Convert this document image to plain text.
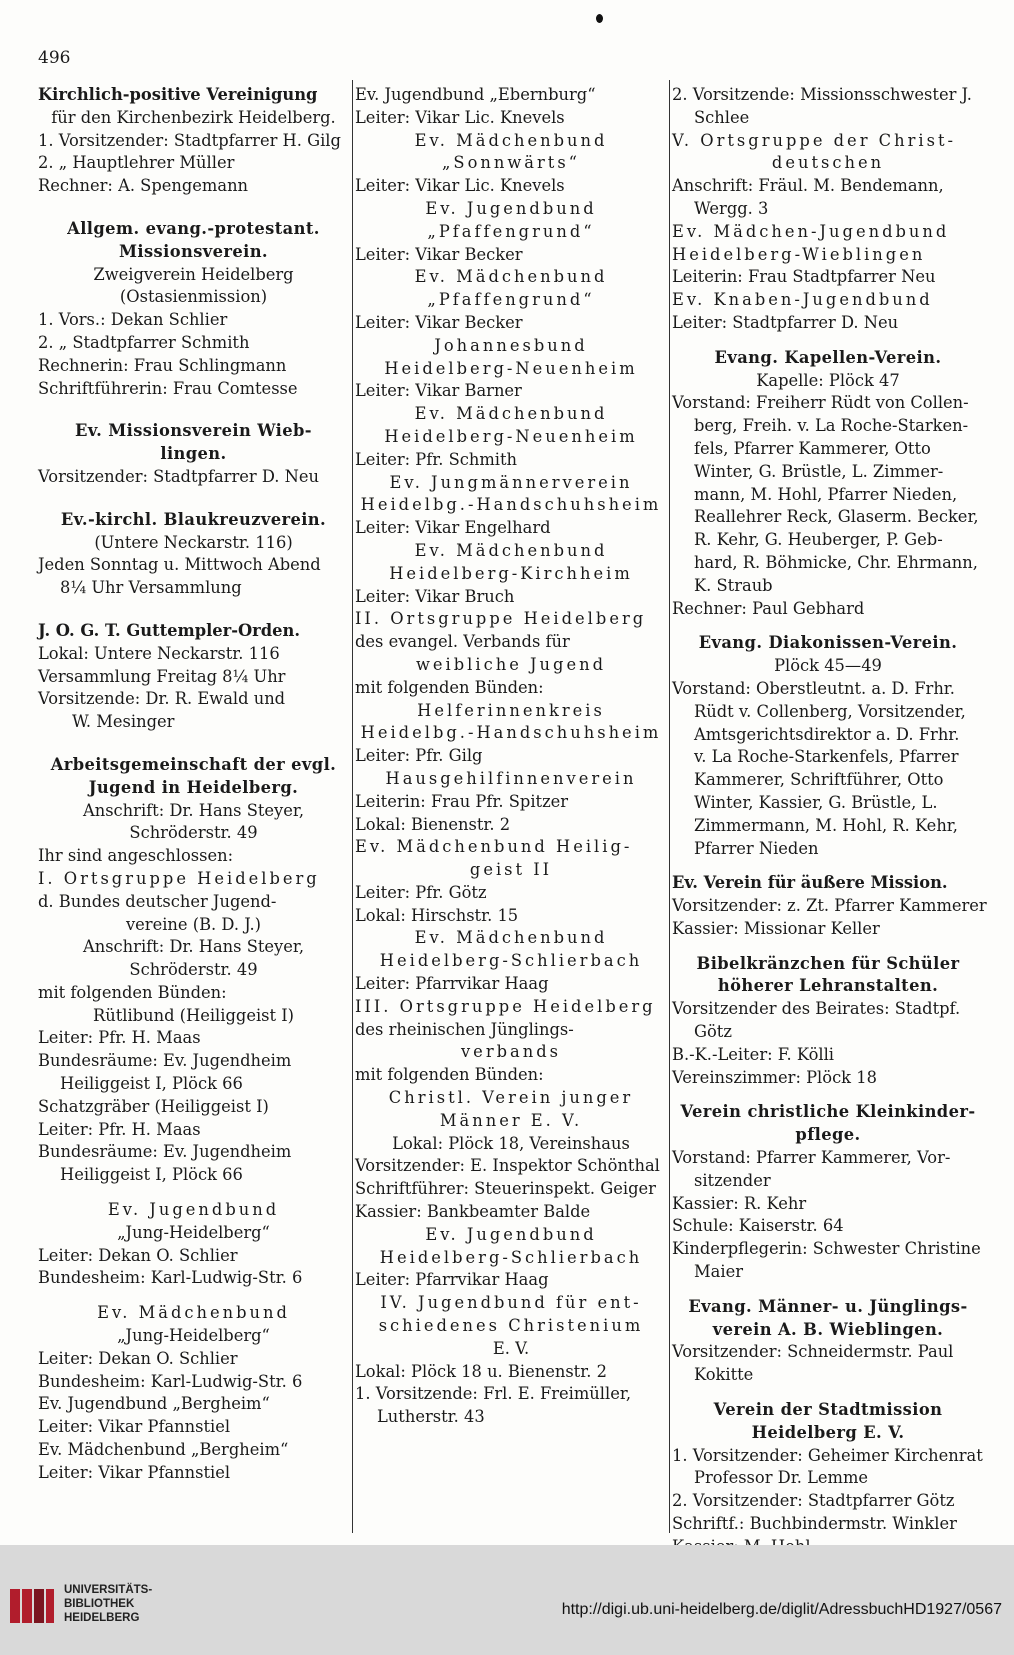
496
Kirchlich-positive Vereinigung
für den Kirchenbezirk Heidelberg.
1. Vorsitzender: Stadtpfarrer H. Gilg
2. „ Hauptlehrer Müller
Rechner: A. Spengemann
Allgem. evang.-protestant.
Missionsverein.
Zweigverein Heidelberg
(Ostasienmission)
1. Vors.: Dekan Schlier
2. „ Stadtpfarrer Schmith
Rechnerin: Frau Schlingmann
Schriftführerin: Frau Comtesse
Ev. Missionsverein Wieb-
lingen.
Vorsitzender: Stadtpfarrer D. Neu
Ev.-kirchl. Blaukreuzverein.
(Untere Neckarstr. 116)
Jeden Sonntag u. Mittwoch Abend
8¼ Uhr Versammlung
J. O. G. T. Guttempler-Orden.
Lokal: Untere Neckarstr. 116
Versammlung Freitag 8¼ Uhr
Vorsitzende: Dr. R. Ewald und
W. Mesinger
Arbeitsgemeinschaft der evgl.
Jugend in Heidelberg.
Anschrift: Dr. Hans Steyer,
Schröderstr. 49
Ihr sind angeschlossen:
I. Ortsgruppe Heidelberg
d. Bundes deutscher Jugend-
vereine (B. D. J.)
Anschrift: Dr. Hans Steyer,
Schröderstr. 49
mit folgenden Bünden:
Rütlibund (Heiliggeist I)
Leiter: Pfr. H. Maas
Bundesräume: Ev. Jugendheim
Heiliggeist I, Plöck 66
Schatzgräber (Heiliggeist I)
Leiter: Pfr. H. Maas
Bundesräume: Ev. Jugendheim
Heiliggeist I, Plöck 66
Ev. Jugendbund
„Jung-Heidelberg“
Leiter: Dekan O. Schlier
Bundesheim: Karl-Ludwig-Str. 6
Ev. Mädchenbund
„Jung-Heidelberg“
Leiter: Dekan O. Schlier
Bundesheim: Karl-Ludwig-Str. 6
Ev. Jugendbund „Bergheim“
Leiter: Vikar Pfannstiel
Ev. Mädchenbund „Bergheim“
Leiter: Vikar Pfannstiel
Ev. Jugendbund „Ebernburg“
Leiter: Vikar Lic. Knevels
Ev. Mädchenbund
„Sonnwärts“
Leiter: Vikar Lic. Knevels
Ev. Jugendbund
„Pfaffengrund“
Leiter: Vikar Becker
Ev. Mädchenbund
„Pfaffengrund“
Leiter: Vikar Becker
Johannesbund
Heidelberg-Neuenheim
Leiter: Vikar Barner
Ev. Mädchenbund
Heidelberg-Neuenheim
Leiter: Pfr. Schmith
Ev. Jungmännerverein
Heidelbg.-Handschuhsheim
Leiter: Vikar Engelhard
Ev. Mädchenbund
Heidelberg-Kirchheim
Leiter: Vikar Bruch
II. Ortsgruppe Heidelberg
des evangel. Verbands für
weibliche Jugend
mit folgenden Bünden:
Helferinnenkreis
Heidelbg.-Handschuhsheim
Leiter: Pfr. Gilg
Hausgehilfinnenverein
Leiterin: Frau Pfr. Spitzer
Lokal: Bienenstr. 2
Ev. Mädchenbund Heilig-
geist II
Leiter: Pfr. Götz
Lokal: Hirschstr. 15
Ev. Mädchenbund
Heidelberg-Schlierbach
Leiter: Pfarrvikar Haag
III. Ortsgruppe Heidelberg
des rheinischen Jünglings-
verbands
mit folgenden Bünden:
Christl. Verein junger
Männer E. V.
Lokal: Plöck 18, Vereinshaus
Vorsitzender: E. Inspektor Schönthal
Schriftführer: Steuerinspekt. Geiger
Kassier: Bankbeamter Balde
Ev. Jugendbund
Heidelberg-Schlierbach
Leiter: Pfarrvikar Haag
IV. Jugendbund für ent-
schiedenes Christenium
E. V.
Lokal: Plöck 18 u. Bienenstr. 2
1. Vorsitzende: Frl. E. Freimüller,
Lutherstr. 43
2. Vorsitzende: Missionsschwester J.
Schlee
V. Ortsgruppe der Christ-
deutschen
Anschrift: Fräul. M. Bendemann,
Wergg. 3
Ev. Mädchen-Jugendbund
Heidelberg-Wieblingen
Leiterin: Frau Stadtpfarrer Neu
Ev. Knaben-Jugendbund
Leiter: Stadtpfarrer D. Neu
Evang. Kapellen-Verein.
Kapelle: Plöck 47
Vorstand: Freiherr Rüdt von Collen-
berg, Freih. v. La Roche-Starken-
fels, Pfarrer Kammerer, Otto
Winter, G. Brüstle, L. Zimmer-
mann, M. Hohl, Pfarrer Nieden,
Reallehrer Reck, Glaserm. Becker,
R. Kehr, G. Heuberger, P. Geb-
hard, R. Böhmicke, Chr. Ehrmann,
K. Straub
Rechner: Paul Gebhard
Evang. Diakonissen-Verein.
Plöck 45—49
Vorstand: Oberstleutnt. a. D. Frhr.
Rüdt v. Collenberg, Vorsitzender,
Amtsgerichtsdirektor a. D. Frhr.
v. La Roche-Starkenfels, Pfarrer
Kammerer, Schriftführer, Otto
Winter, Kassier, G. Brüstle, L.
Zimmermann, M. Hohl, R. Kehr,
Pfarrer Nieden
Ev. Verein für äußere Mission.
Vorsitzender: z. Zt. Pfarrer Kammerer
Kassier: Missionar Keller
Bibelkränzchen für Schüler
höherer Lehranstalten.
Vorsitzender des Beirates: Stadtpf.
Götz
B.-K.-Leiter: F. Kölli
Vereinszimmer: Plöck 18
Verein christliche Kleinkinder-
pflege.
Vorstand: Pfarrer Kammerer, Vor-
sitzender
Kassier: R. Kehr
Schule: Kaiserstr. 64
Kinderpflegerin: Schwester Christine
Maier
Evang. Männer- u. Jünglings-
verein A. B. Wieblingen.
Vorsitzender: Schneidermstr. Paul
Kokitte
Verein der Stadtmission
Heidelberg E. V.
1. Vorsitzender: Geheimer Kirchenrat
Professor Dr. Lemme
2. Vorsitzender: Stadtpfarrer Götz
Schriftf.: Buchbindermstr. Winkler
UNIVERSITÄTS-
BIBLIOTHEK
HEIDELBERG	http://digi.ub.uni-heidelberg.de/diglit/AdressbuchHD1927/0567
